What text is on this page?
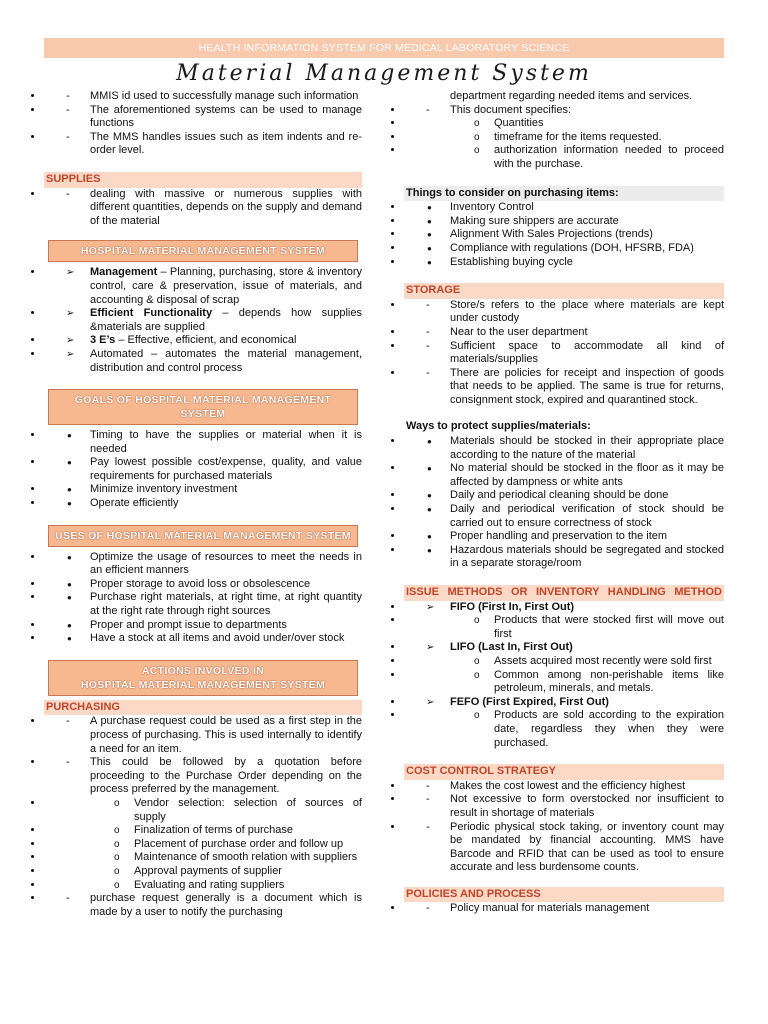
HEALTH INFORMATION SYSTEM FOR MEDICAL LABORATORY SCIENCE
Material Management System
- • MMIS id used to successfully manage such information
- • The aforementioned systems can be used to manage functions
- • The MMS handles issues such as item indents and re-order level.
SUPPLIES
- • dealing with massive or numerous supplies with different quantities, depends on the supply and demand of the material
HOSPITAL MATERIAL MANAGEMENT SYSTEM
➢ • Management – Planning, purchasing, store & inventory control, care & preservation, issue of materials, and accounting & disposal of scrap
➢ • Efficient Functionality – depends how supplies &materials are supplied
➢ • 3 E’s – Effective, efficient, and economical
➢ • Automated – automates the material management, distribution and control process
GOALS OF HOSPITAL MATERIAL MANAGEMENT SYSTEM
● • Timing to have the supplies or material when it is needed
● • Pay lowest possible cost/expense, quality, and value requirements for purchased materials
● • Minimize inventory investment
● • Operate efficiently
USES OF HOSPITAL MATERIAL MANAGEMENT SYSTEM
● • Optimize the usage of resources to meet the needs in an efficient manners
● • Proper storage to avoid loss or obsolescence
● • Purchase right materials, at right time, at right quantity at the right rate through right sources
● • Proper and prompt issue to departments
● • Have a stock at all items and avoid under/over stock
ACTIONS INVOLVED IN
HOSPITAL MATERIAL MANAGEMENT SYSTEM
PURCHASING
- • A purchase request could be used as a first step in the process of purchasing. This is used internally to identify a need for an item.
- • This could be followed by a quotation before proceeding to the Purchase Order depending on the process preferred by the management.
o • Vendor selection: selection of sources of supply
o • Finalization of terms of purchase
o • Placement of purchase order and follow up
o • Maintenance of smooth relation with suppliers
o • Approval payments of supplier
o • Evaluating and rating suppliers
- • purchase request generally is a document which is made by a user to notify the purchasing

department regarding needed items and services.

- • This document specifies:
o • Quantities
o • timeframe for the items requested.
o • authorization information needed to proceed with the purchase.
Things to consider on purchasing items:
● • Inventory Control
● • Making sure shippers are accurate
● • Alignment With Sales Projections (trends)
● • Compliance with regulations (DOH, HFSRB, FDA)
● • Establishing buying cycle
STORAGE
- • Store/s refers to the place where materials are kept under custody
- • Near to the user department
- • Sufficient space to accommodate all kind of materials/supplies
- • There are policies for receipt and inspection of goods that needs to be applied. The same is true for returns, consignment stock, expired and quarantined stock.
Ways to protect supplies/materials:
● • Materials should be stocked in their appropriate place according to the nature of the material
● • No material should be stocked in the floor as it may be affected by dampness or white ants
● • Daily and periodical cleaning should be done
● • Daily and periodical verification of stock should be carried out to ensure correctness of stock
● • Proper handling and preservation to the item
● • Hazardous materials should be segregated and stocked in a separate storage/room
ISSUE METHODS OR INVENTORY HANDLING METHOD
➢ • FIFO (First In, First Out)
o • Products that were stocked first will move out first
➢ • LIFO (Last In, First Out)
o • Assets acquired most recently were sold first
o • Common among non-perishable items like petroleum, minerals, and metals.
➢ • FEFO (First Expired, First Out)
o • Products are sold according to the expiration date, regardless they when they were purchased.
COST CONTROL STRATEGY
- • Makes the cost lowest and the efficiency highest
- • Not excessive to form overstocked nor insufficient to result in shortage of materials
- • Periodic physical stock taking, or inventory count may be mandated by financial accounting. MMS have Barcode and RFID that can be used as tool to ensure accurate and less burdensome counts.
POLICIES AND PROCESS
- • Policy manual for materials management
